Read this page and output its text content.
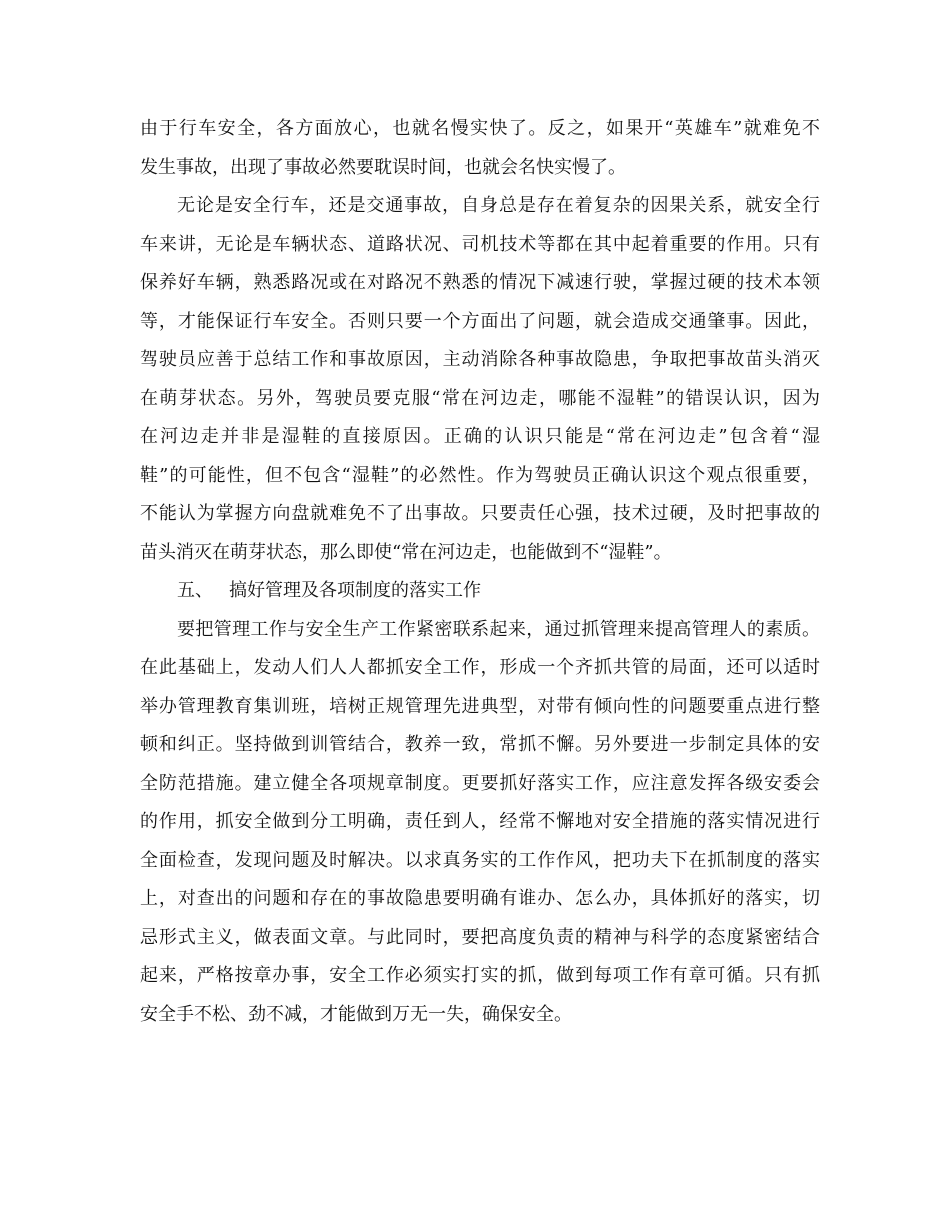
由于行车安全，各方面放心，也就名慢实快了。反之，如果开“英雄车”就难免不
发生事故，出现了事故必然要耽误时间，也就会名快实慢了。
无论是安全行车，还是交通事故，自身总是存在着复杂的因果关系，就安全行
车来讲，无论是车辆状态、道路状况、司机技术等都在其中起着重要的作用。只有
保养好车辆，熟悉路况或在对路况不熟悉的情况下减速行驶，掌握过硬的技术本领
等，才能保证行车安全。否则只要一个方面出了问题，就会造成交通肇事。因此，
驾驶员应善于总结工作和事故原因，主动消除各种事故隐患，争取把事故苗头消灭
在萌芽状态。另外，驾驶员要克服“常在河边走，哪能不湿鞋”的错误认识，因为
在河边走并非是湿鞋的直接原因。正确的认识只能是“常在河边走”包含着“湿
鞋”的可能性，但不包含“湿鞋”的必然性。作为驾驶员正确认识这个观点很重要，
不能认为掌握方向盘就难免不了出事故。只要责任心强，技术过硬，及时把事故的
苗头消灭在萌芽状态，那么即使“常在河边走，也能做到不“湿鞋”。
五、 搞好管理及各项制度的落实工作
要把管理工作与安全生产工作紧密联系起来，通过抓管理来提高管理人的素质。
在此基础上，发动人们人人都抓安全工作，形成一个齐抓共管的局面，还可以适时
举办管理教育集训班，培树正规管理先进典型，对带有倾向性的问题要重点进行整
顿和纠正。坚持做到训管结合，教养一致，常抓不懈。另外要进一步制定具体的安
全防范措施。建立健全各项规章制度。更要抓好落实工作，应注意发挥各级安委会
的作用，抓安全做到分工明确，责任到人，经常不懈地对安全措施的落实情况进行
全面检查，发现问题及时解决。以求真务实的工作作风，把功夫下在抓制度的落实
上，对查出的问题和存在的事故隐患要明确有谁办、怎么办，具体抓好的落实，切
忌形式主义，做表面文章。与此同时，要把高度负责的精神与科学的态度紧密结合
起来，严格按章办事，安全工作必须实打实的抓，做到每项工作有章可循。只有抓
安全手不松、劲不减，才能做到万无一失，确保安全。
